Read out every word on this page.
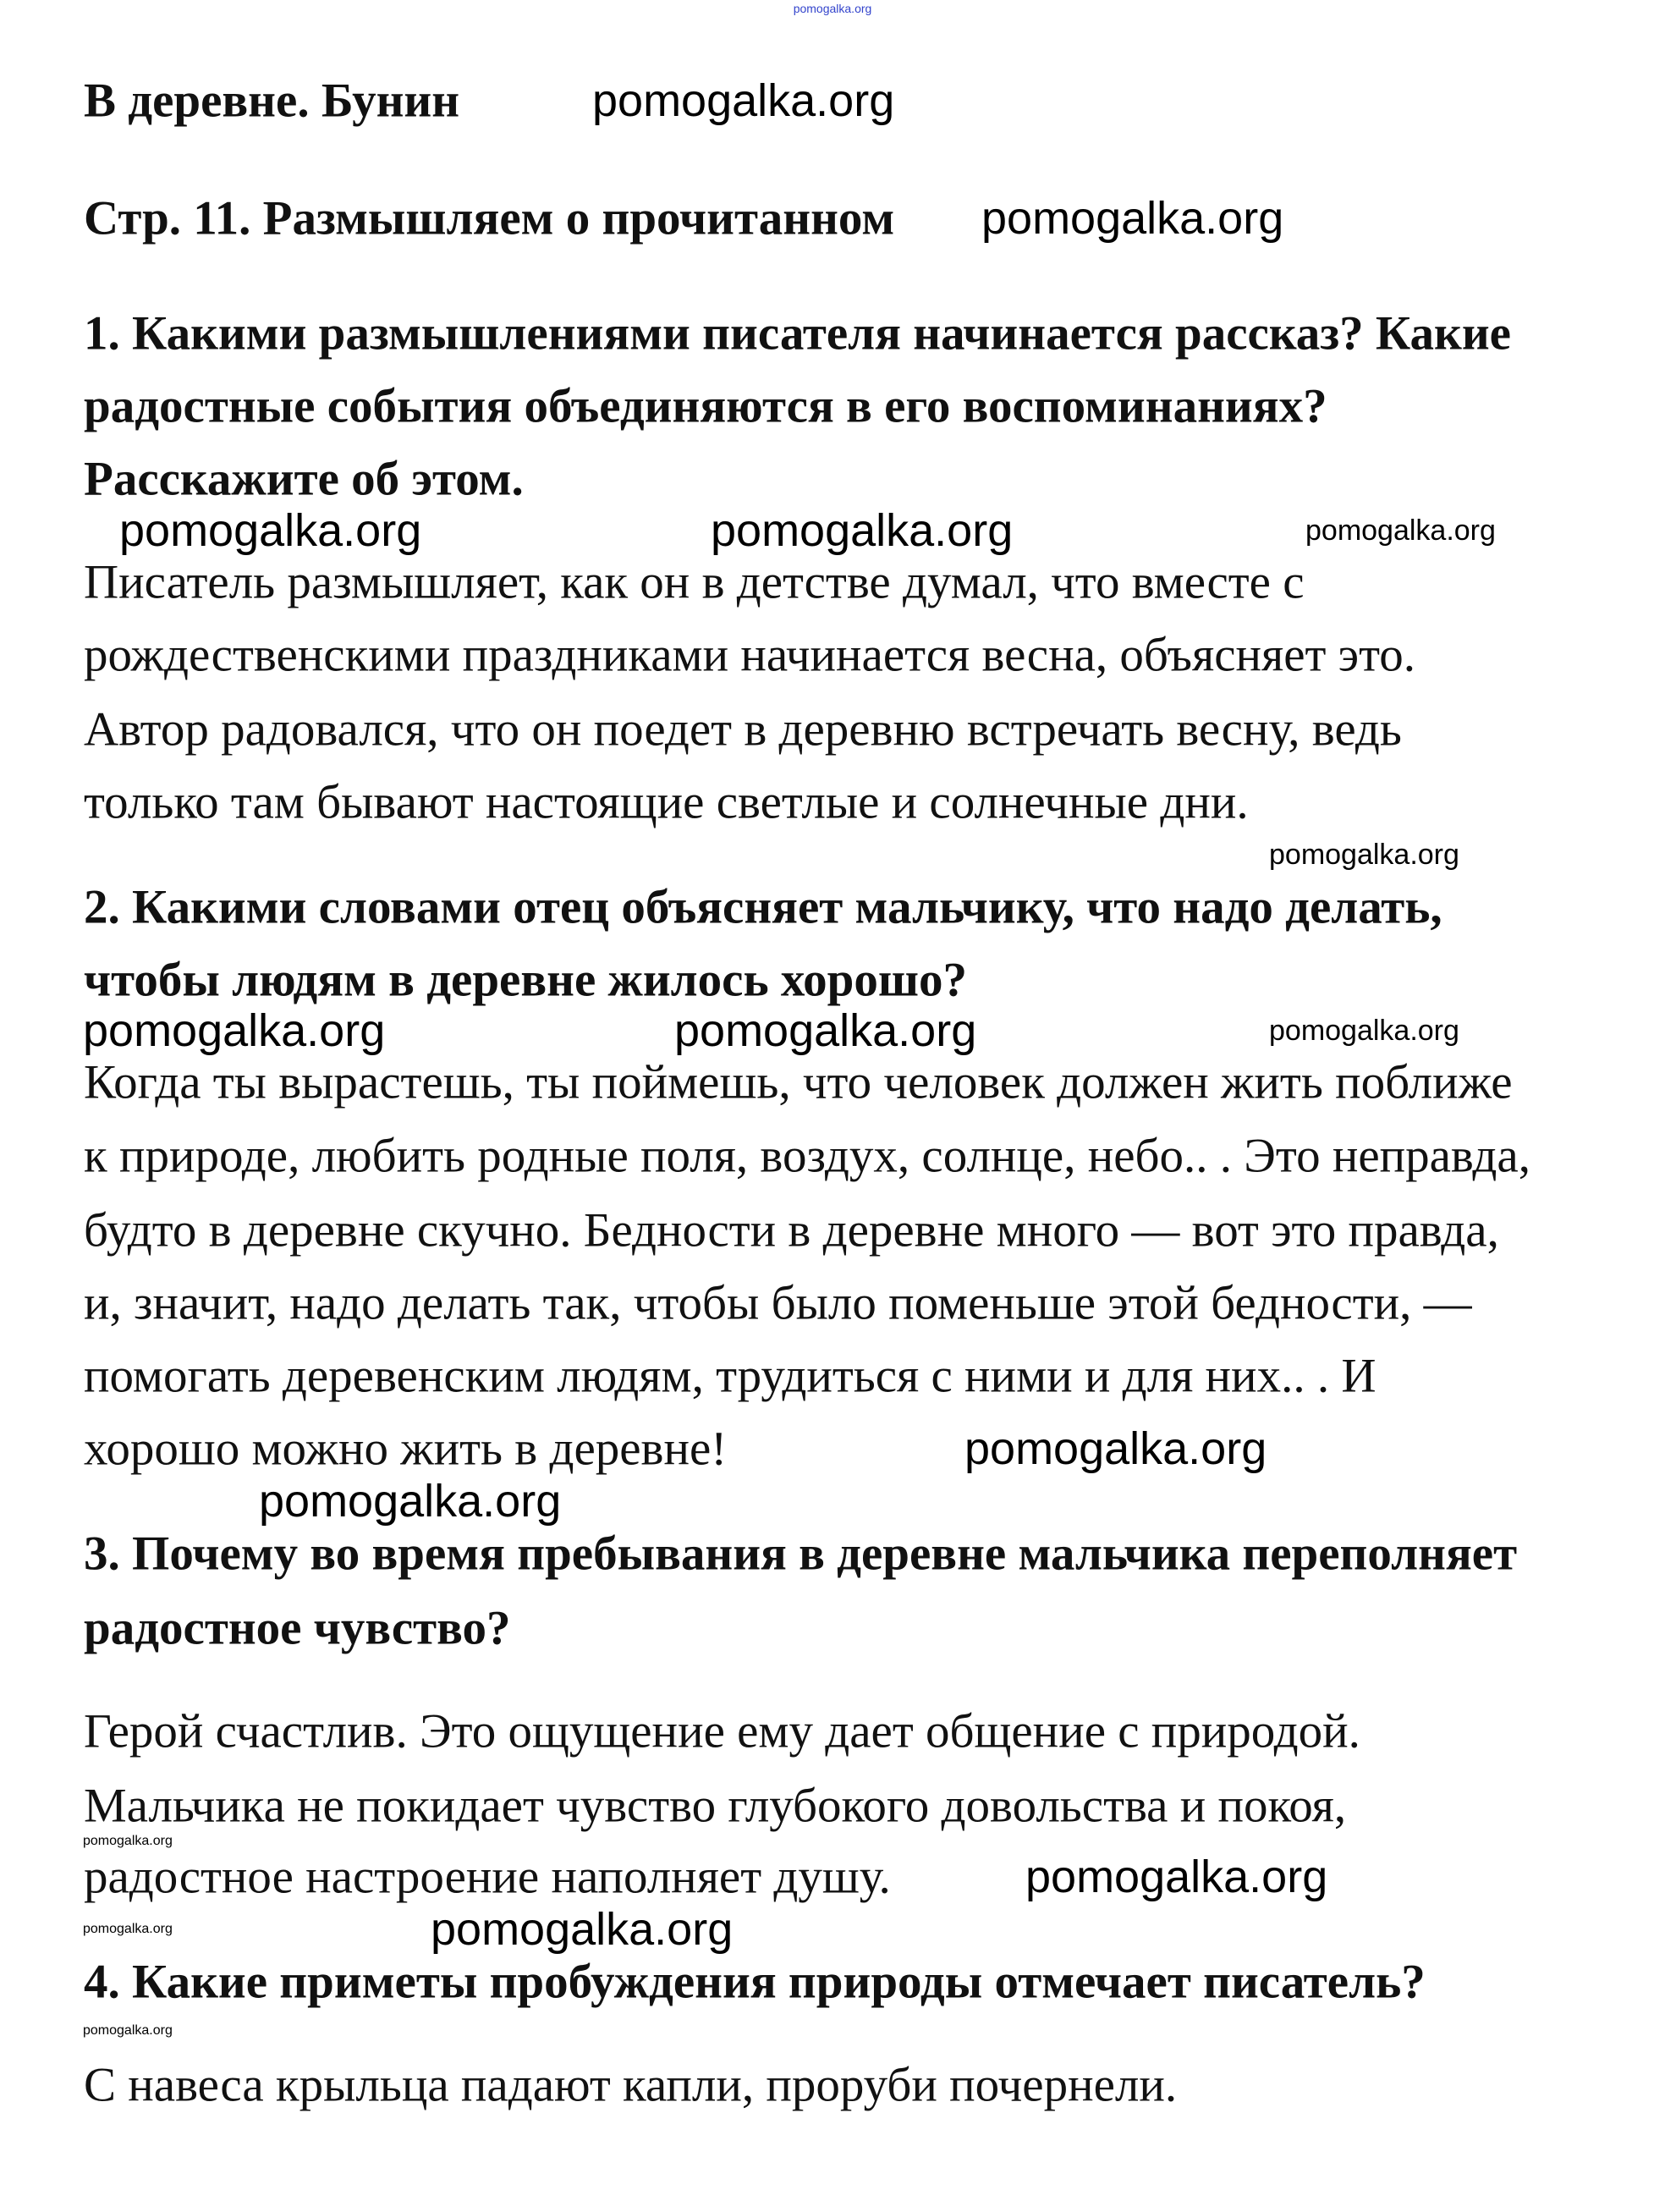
pomogalka.org
В деревне. Бунин
Стр. 11. Размышляем о прочитанном
1. Какими размышлениями писателя начинается рассказ? Какие
радостные события объединяются в его воспоминаниях?
Расскажите об этом.
Писатель размышляет, как он в детстве думал, что вместе с
рождественскими праздниками начинается весна, объясняет это.
Автор радовался, что он поедет в деревню встречать весну, ведь
только там бывают настоящие светлые и солнечные дни.
2. Какими словами отец объясняет мальчику, что надо делать,
чтобы людям в деревне жилось хорошо?
Когда ты вырастешь, ты поймешь, что человек должен жить поближе
к природе, любить родные поля, воздух, солнце, небо.. . Это неправда,
будто в деревне скучно. Бедности в деревне много — вот это правда,
и, значит, надо делать так, чтобы было поменьше этой бедности, —
помогать деревенским людям, трудиться с ними и для них.. . И
хорошо можно жить в деревне!
3. Почему во время пребывания в деревне мальчика переполняет
радостное чувство?
Герой счастлив. Это ощущение ему дает общение с природой.
Мальчика не покидает чувство глубокого довольства и покоя,
радостное настроение наполняет душу.
4. Какие приметы пробуждения природы отмечает писатель?
С навеса крыльца падают капли, проруби почернели.
pomogalka.org
pomogalka.org
pomogalka.org	pomogalka.org	pomogalka.org
pomogalka.org
pomogalka.org	pomogalka.org	pomogalka.org
pomogalka.org
pomogalka.org
pomogalka.org
pomogalka.org
pomogalka.org	pomogalka.org
pomogalka.org
